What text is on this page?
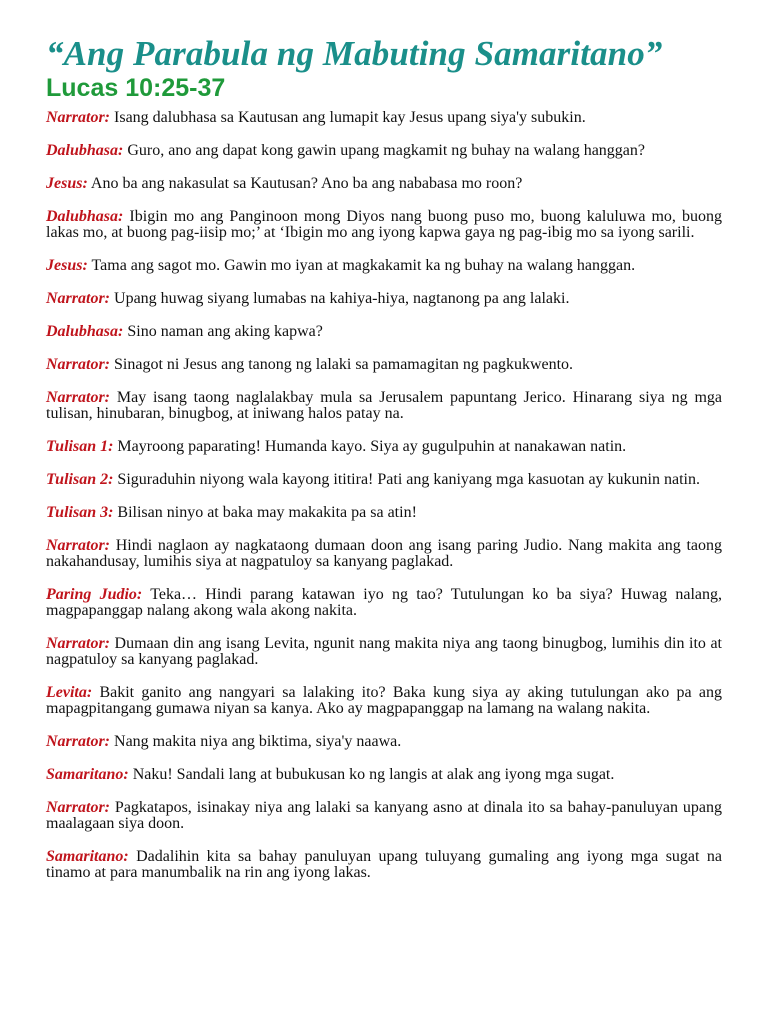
“Ang Parabula ng Mabuting Samaritano”
Lucas 10:25-37

Narrator: Isang dalubhasa sa Kautusan ang lumapit kay Jesus upang siya'y subukin.

Dalubhasa: Guro, ano ang dapat kong gawin upang magkamit ng buhay na walang hanggan?

Jesus: Ano ba ang nakasulat sa Kautusan? Ano ba ang nababasa mo roon?

Dalubhasa: Ibigin mo ang Panginoon mong Diyos nang buong puso mo, buong kaluluwa mo, buong lakas mo, at buong pag-iisip mo;’ at ‘Ibigin mo ang iyong kapwa gaya ng pag-ibig mo sa iyong sarili.

Jesus: Tama ang sagot mo. Gawin mo iyan at magkakamit ka ng buhay na walang hanggan.

Narrator: Upang huwag siyang lumabas na kahiya-hiya, nagtanong pa ang lalaki.

Dalubhasa: Sino naman ang aking kapwa?

Narrator: Sinagot ni Jesus ang tanong ng lalaki sa pamamagitan ng pagkukwento.

Narrator: May isang taong naglalakbay mula sa Jerusalem papuntang Jerico. Hinarang siya ng mga tulisan, hinubaran, binugbog, at iniwang halos patay na.

Tulisan 1: Mayroong paparating! Humanda kayo. Siya ay gugulpuhin at nanakawan natin.

Tulisan 2: Siguraduhin niyong wala kayong ititira! Pati ang kaniyang mga kasuotan ay kukunin natin.

Tulisan 3: Bilisan ninyo at baka may makakita pa sa atin!

Narrator: Hindi naglaon ay nagkataong dumaan doon ang isang paring Judio. Nang makita ang taong nakahandusay, lumihis siya at nagpatuloy sa kanyang paglakad.

Paring Judio: Teka… Hindi parang katawan iyo ng tao? Tutulungan ko ba siya? Huwag nalang, magpapanggap nalang akong wala akong nakita.

Narrator: Dumaan din ang isang Levita, ngunit nang makita niya ang taong binugbog, lumihis din ito at nagpatuloy sa kanyang paglakad.

Levita: Bakit ganito ang nangyari sa lalaking ito? Baka kung siya ay aking tutulungan ako pa ang mapagpitangang gumawa niyan sa kanya. Ako ay magpapanggap na lamang na walang nakita.

Narrator: Nang makita niya ang biktima, siya'y naawa.

Samaritano: Naku! Sandali lang at bubukusan ko ng langis at alak ang iyong mga sugat.

Narrator: Pagkatapos, isinakay niya ang lalaki sa kanyang asno at dinala ito sa bahay-panuluyan upang maalagaan siya doon.

Samaritano: Dadalihin kita sa bahay panuluyan upang tuluyang gumaling ang iyong mga sugat na tinamo at para manumbalik na rin ang iyong lakas.
